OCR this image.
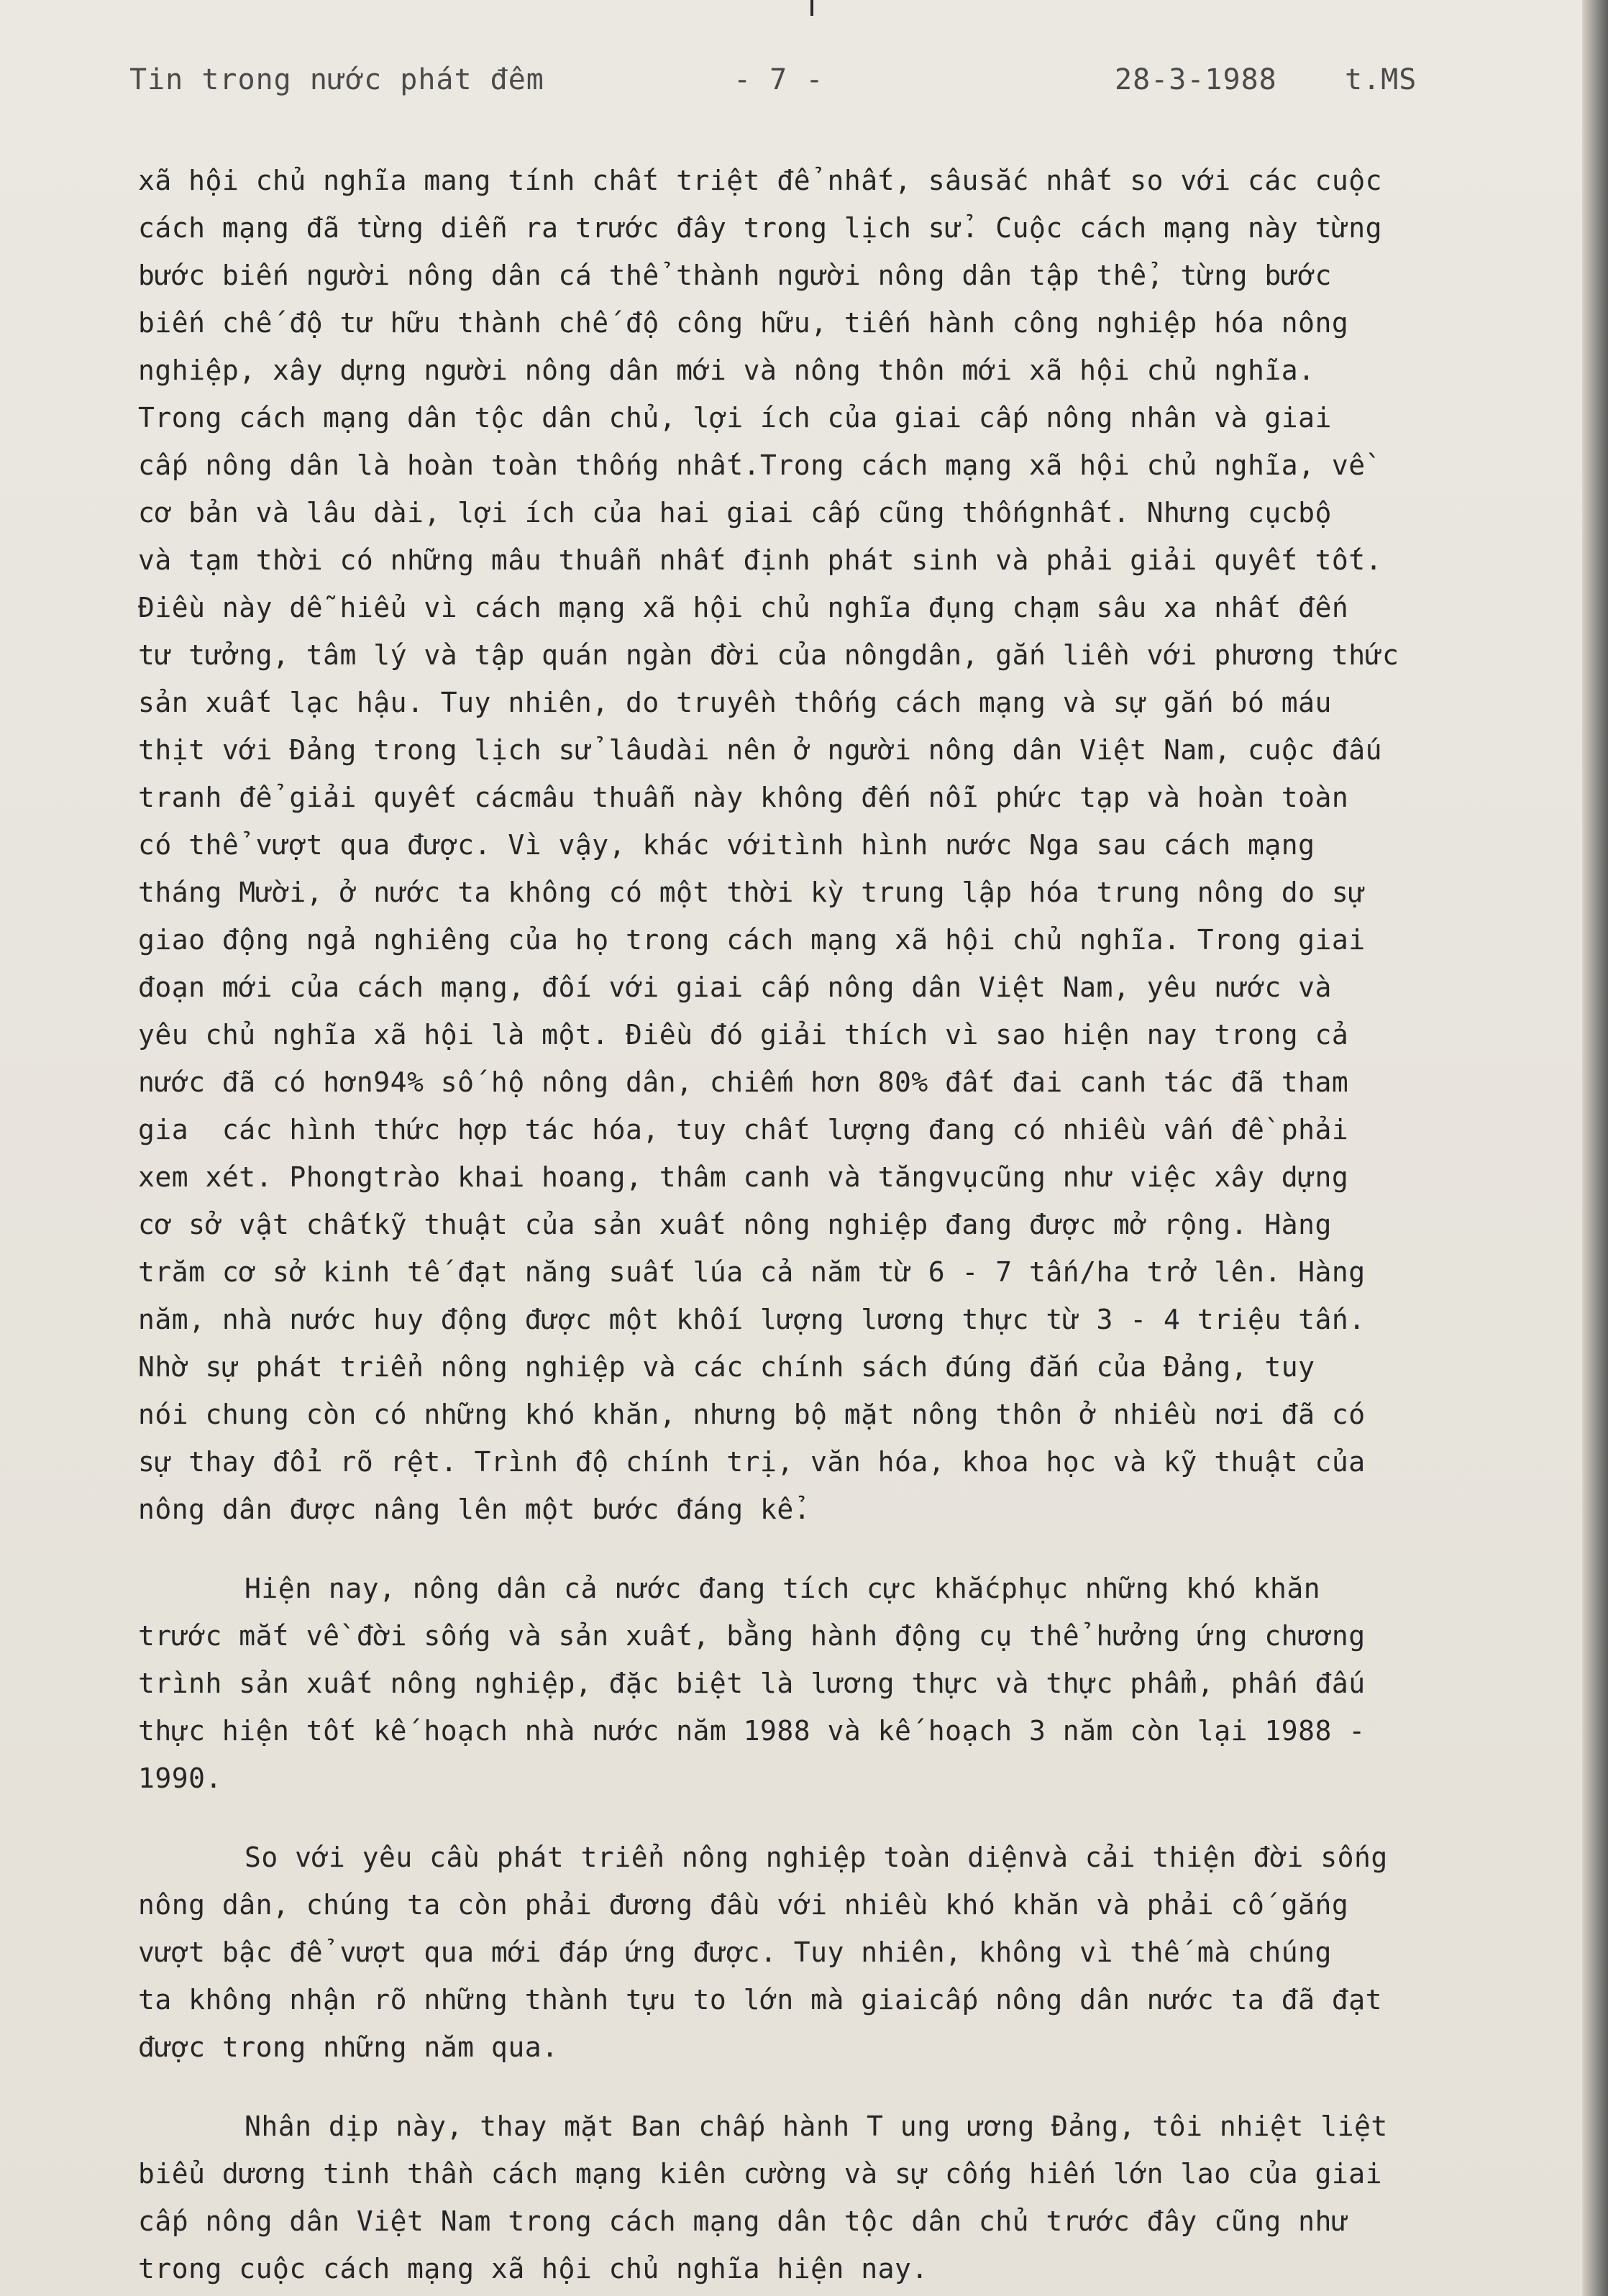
Tin trong nước phát đêm	- 7 -	28-3-1988 t.MS
xã hội chủ nghĩa mang tính chất triệt để nhất, sâusắc nhất so với các cuộc
cách mạng đã từng diễn ra trước đây trong lịch sử. Cuộc cách mạng này từng
bước biến người nông dân cá thể thành người nông dân tập thể, từng bước
biến chế độ tư hữu thành chế độ công hữu, tiến hành công nghiệp hóa nông
nghiệp, xây dựng người nông dân mới và nông thôn mới xã hội chủ nghĩa.
Trong cách mạng dân tộc dân chủ, lợi ích của giai cấp nông nhân và giai
cấp nông dân là hoàn toàn thống nhất.Trong cách mạng xã hội chủ nghĩa, về
cơ bản và lâu dài, lợi ích của hai giai cấp cũng thốngnhất. Nhưng cụcbộ
và tạm thời có những mâu thuẫn nhất định phát sinh và phải giải quyết tốt.
Điều này dễ hiểu vì cách mạng xã hội chủ nghĩa đụng chạm sâu xa nhất đến
tư tưởng, tâm lý và tập quán ngàn đời của nôngdân, gắn liền với phương thức
sản xuất lạc hậu. Tuy nhiên, do truyền thống cách mạng và sự gắn bó máu
thịt với Đảng trong lịch sử lâudài nên ở người nông dân Việt Nam, cuộc đấu
tranh để giải quyết cácmâu thuẫn này không đến nỗi phức tạp và hoàn toàn
có thể vượt qua được. Vì vậy, khác vớitình hình nước Nga sau cách mạng
tháng Mười, ở nước ta không có một thời kỳ trung lập hóa trung nông do sự
giao động ngả nghiêng của họ trong cách mạng xã hội chủ nghĩa. Trong giai
đoạn mới của cách mạng, đối với giai cấp nông dân Việt Nam, yêu nước và
yêu chủ nghĩa xã hội là một. Điều đó giải thích vì sao hiện nay trong cả
nước đã có hơn94% số hộ nông dân, chiếm hơn 80% đất đai canh tác đã tham
gia  các hình thức hợp tác hóa, tuy chất lượng đang có nhiều vấn đề phải
xem xét. Phongtrào khai hoang, thâm canh và tăngvụcũng như việc xây dựng
cơ sở vật chấtkỹ thuật của sản xuất nông nghiệp đang được mở rộng. Hàng
trăm cơ sở kinh tế đạt năng suất lúa cả năm từ 6 - 7 tấn/ha trở lên. Hàng
năm, nhà nước huy động được một khối lượng lương thực từ 3 - 4 triệu tấn.
Nhờ sự phát triển nông nghiệp và các chính sách đúng đắn của Đảng, tuy
nói chung còn có những khó khăn, nhưng bộ mặt nông thôn ở nhiều nơi đã có
sự thay đổi rõ rệt. Trình độ chính trị, văn hóa, khoa học và kỹ thuật của
nông dân được nâng lên một bước đáng kể.
Hiện nay, nông dân cả nước đang tích cực khắcphục những khó khăn
trước mắt về đời sống và sản xuất, bằng hành động cụ thể hưởng ứng chương
trình sản xuất nông nghiệp, đặc biệt là lương thực và thực phẩm, phấn đấu
thực hiện tốt kế hoạch nhà nước năm 1988 và kế hoạch 3 năm còn lại 1988 -
1990.
So với yêu cầu phát triển nông nghiệp toàn diệnvà cải thiện đời sống
nông dân, chúng ta còn phải đương đầu với nhiều khó khăn và phải cố gắng
vượt bậc để vượt qua mới đáp ứng được. Tuy nhiên, không vì thế mà chúng
ta không nhận rõ những thành tựu to lớn mà giaicấp nông dân nước ta đã đạt
được trong những năm qua.
Nhân dịp này, thay mặt Ban chấp hành T ung ương Đảng, tôi nhiệt liệt
biểu dương tinh thần cách mạng kiên cường và sự cống hiến lớn lao của giai
cấp nông dân Việt Nam trong cách mạng dân tộc dân chủ trước đây cũng như
trong cuộc cách mạng xã hội chủ nghĩa hiện nay.
